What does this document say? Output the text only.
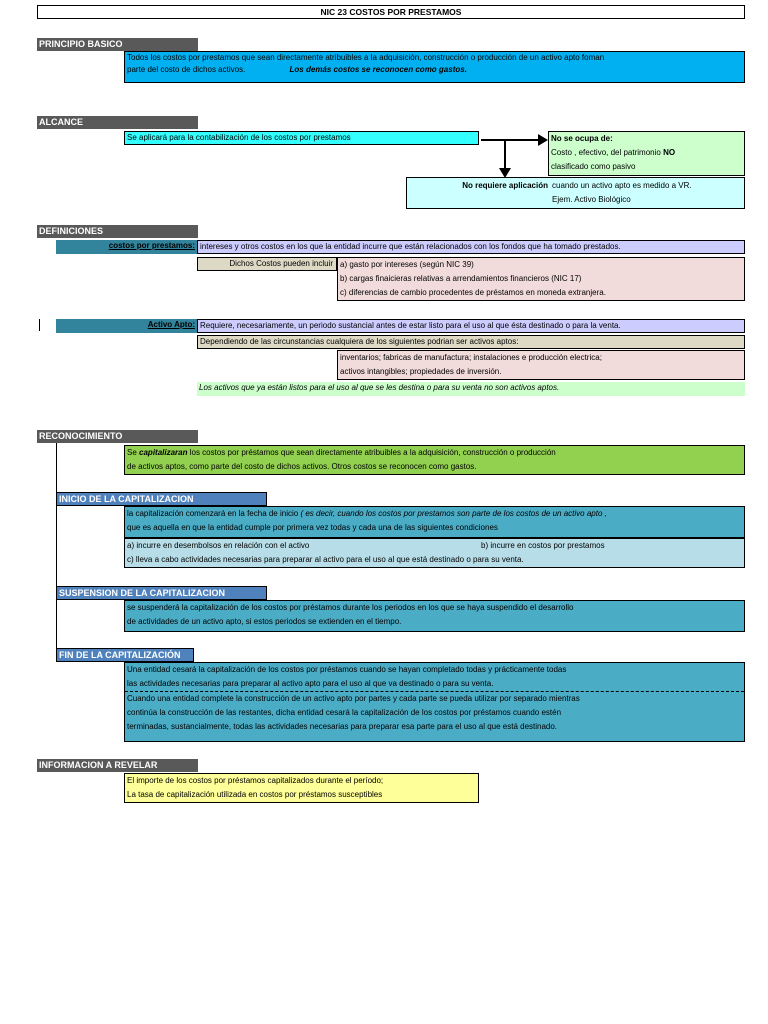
NIC 23 COSTOS POR PRESTAMOS
PRINCIPIO BASICO
Todos los costos por prestamos que sean directamente atribuibles a la adquisición, construcción o producción de un activo apto foman
parte del costo de dichos activos.	Los demás costos se reconocen como gastos.
ALCANCE
Se aplicará para la contabilización de los costos por prestamos	No se ocupa de:
Costo , efectivo, del patrimonio NO
clasificado como pasivo
No requiere aplicación cuando un activo apto es medido a VR.
Ejem. Activo Biológico
DEFINICIONES
costos por prestamos: intereses y otros costos en los que la entidad incurre que están relacionados con los fondos que ha tomado prestados.
Dichos Costos pueden incluir a) gasto por intereses (según NIC 39)
b) cargas finaicieras relativas a arrendamientos financieros (NIC 17)
c) diferencias de cambio procedentes de préstamos en moneda extranjera.
Activo Apto: Requiere, necesariamente, un periodo sustancial antes de estar listo para el uso al que ésta destinado o para la venta.
Dependiendo de las circunstancias cualquiera de los siguientes podrian ser activos aptos:
inventarios; fabricas de manufactura; instalaciones e producción electrica;
activos intangibles; propiedades de inversión.
Los activos que ya están listos para el uso al que se les destina o para su venta no son activos aptos.
RECONOCIMIENTO
Se capitalizaran los costos por préstamos que sean directamente atribuibles a la adquisición, construcción o producción
de activos aptos, como parte del costo de dichos activos. Otros costos se reconocen como gastos.
INICIO DE LA CAPITALIZACION
la capitalización comenzará en la fecha de inicio ( es decir, cuando los costos por prestamos son parte de los costos de un activo apto ,
que es aquella en que la entidad cumple por primera vez todas y cada una de las siguientes condiciones
a) incurre en desembolsos en relación con el activo	b) incurre en costos por prestamos
c) lleva a cabo actividades necesarias para preparar al activo para el uso al que está destinado o para su venta.
SUSPENSION DE LA CAPITALIZACION
se suspenderá la capitalización de los costos por préstamos durante los periodos en los que se haya suspendido el desarrollo
de actividades de un activo apto, si estos periodos se extienden en el tiempo.
FIN DE LA CAPITALIZACIÓN
Una entidad cesará la capitalización de los costos por préstamos cuando se hayan completado todas y prácticamente todas
las actividades necesarias para preparar al activo apto para el uso al que va destinado o para su venta.
Cuando una entidad complete la construcción de un activo apto por partes y cada parte se pueda utilizar por separado mientras
continúa la construcción de las restantes, dicha entidad cesará la capitalización de los costos por préstamos cuando estén
terminadas, sustancialmente, todas las actividades necesarias para preparar esa parte para el uso al que está destinado.
INFORMACION A REVELAR
El importe de los costos por préstamos capitalizados durante el período;
La tasa de capitalización utilizada en costos por préstamos susceptibles
